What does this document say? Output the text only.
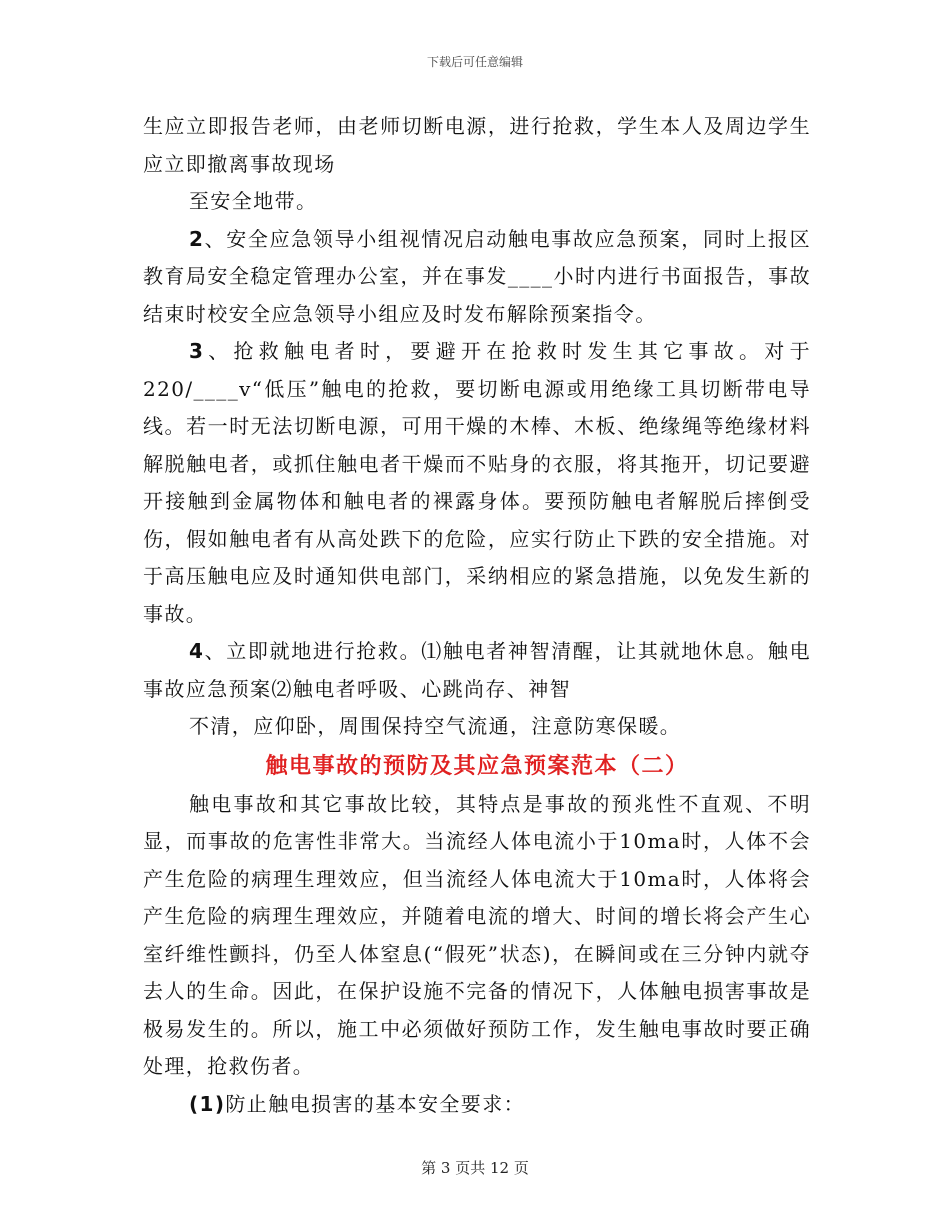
下载后可任意编辑

生应立即报告老师，由老师切断电源，进行抢救，学生本人及周边学生应立即撤离事故现场

至安全地带。

2、安全应急领导小组视情况启动触电事故应急预案，同时上报区教育局安全稳定管理办公室，并在事发____小时内进行书面报告，事故结束时校安全应急领导小组应及时发布解除预案指令。

3、抢救触电者时，要避开在抢救时发生其它事故。对于220/____v“低压”触电的抢救，要切断电源或用绝缘工具切断带电导线。若一时无法切断电源，可用干燥的木棒、木板、绝缘绳等绝缘材料解脱触电者，或抓住触电者干燥而不贴身的衣服，将其拖开，切记要避开接触到金属物体和触电者的裸露身体。要预防触电者解脱后摔倒受伤，假如触电者有从高处跌下的危险，应实行防止下跌的安全措施。对于高压触电应及时通知供电部门，采纳相应的紧急措施，以免发生新的事故。

4、立即就地进行抢救。⑴触电者神智清醒，让其就地休息。触电事故应急预案⑵触电者呼吸、心跳尚存、神智

不清，应仰卧，周围保持空气流通，注意防寒保暖。

触电事故的预防及其应急预案范本（二）

触电事故和其它事故比较，其特点是事故的预兆性不直观、不明显，而事故的危害性非常大。当流经人体电流小于10ma时，人体不会产生危险的病理生理效应，但当流经人体电流大于10ma时，人体将会产生危险的病理生理效应，并随着电流的增大、时间的增长将会产生心室纤维性颤抖，仍至人体窒息(“假死”状态)，在瞬间或在三分钟内就夺去人的生命。因此，在保护设施不完备的情况下，人体触电损害事故是极易发生的。所以，施工中必须做好预防工作，发生触电事故时要正确处理，抢救伤者。

(1)防止触电损害的基本安全要求：

第 3 页共 12 页
